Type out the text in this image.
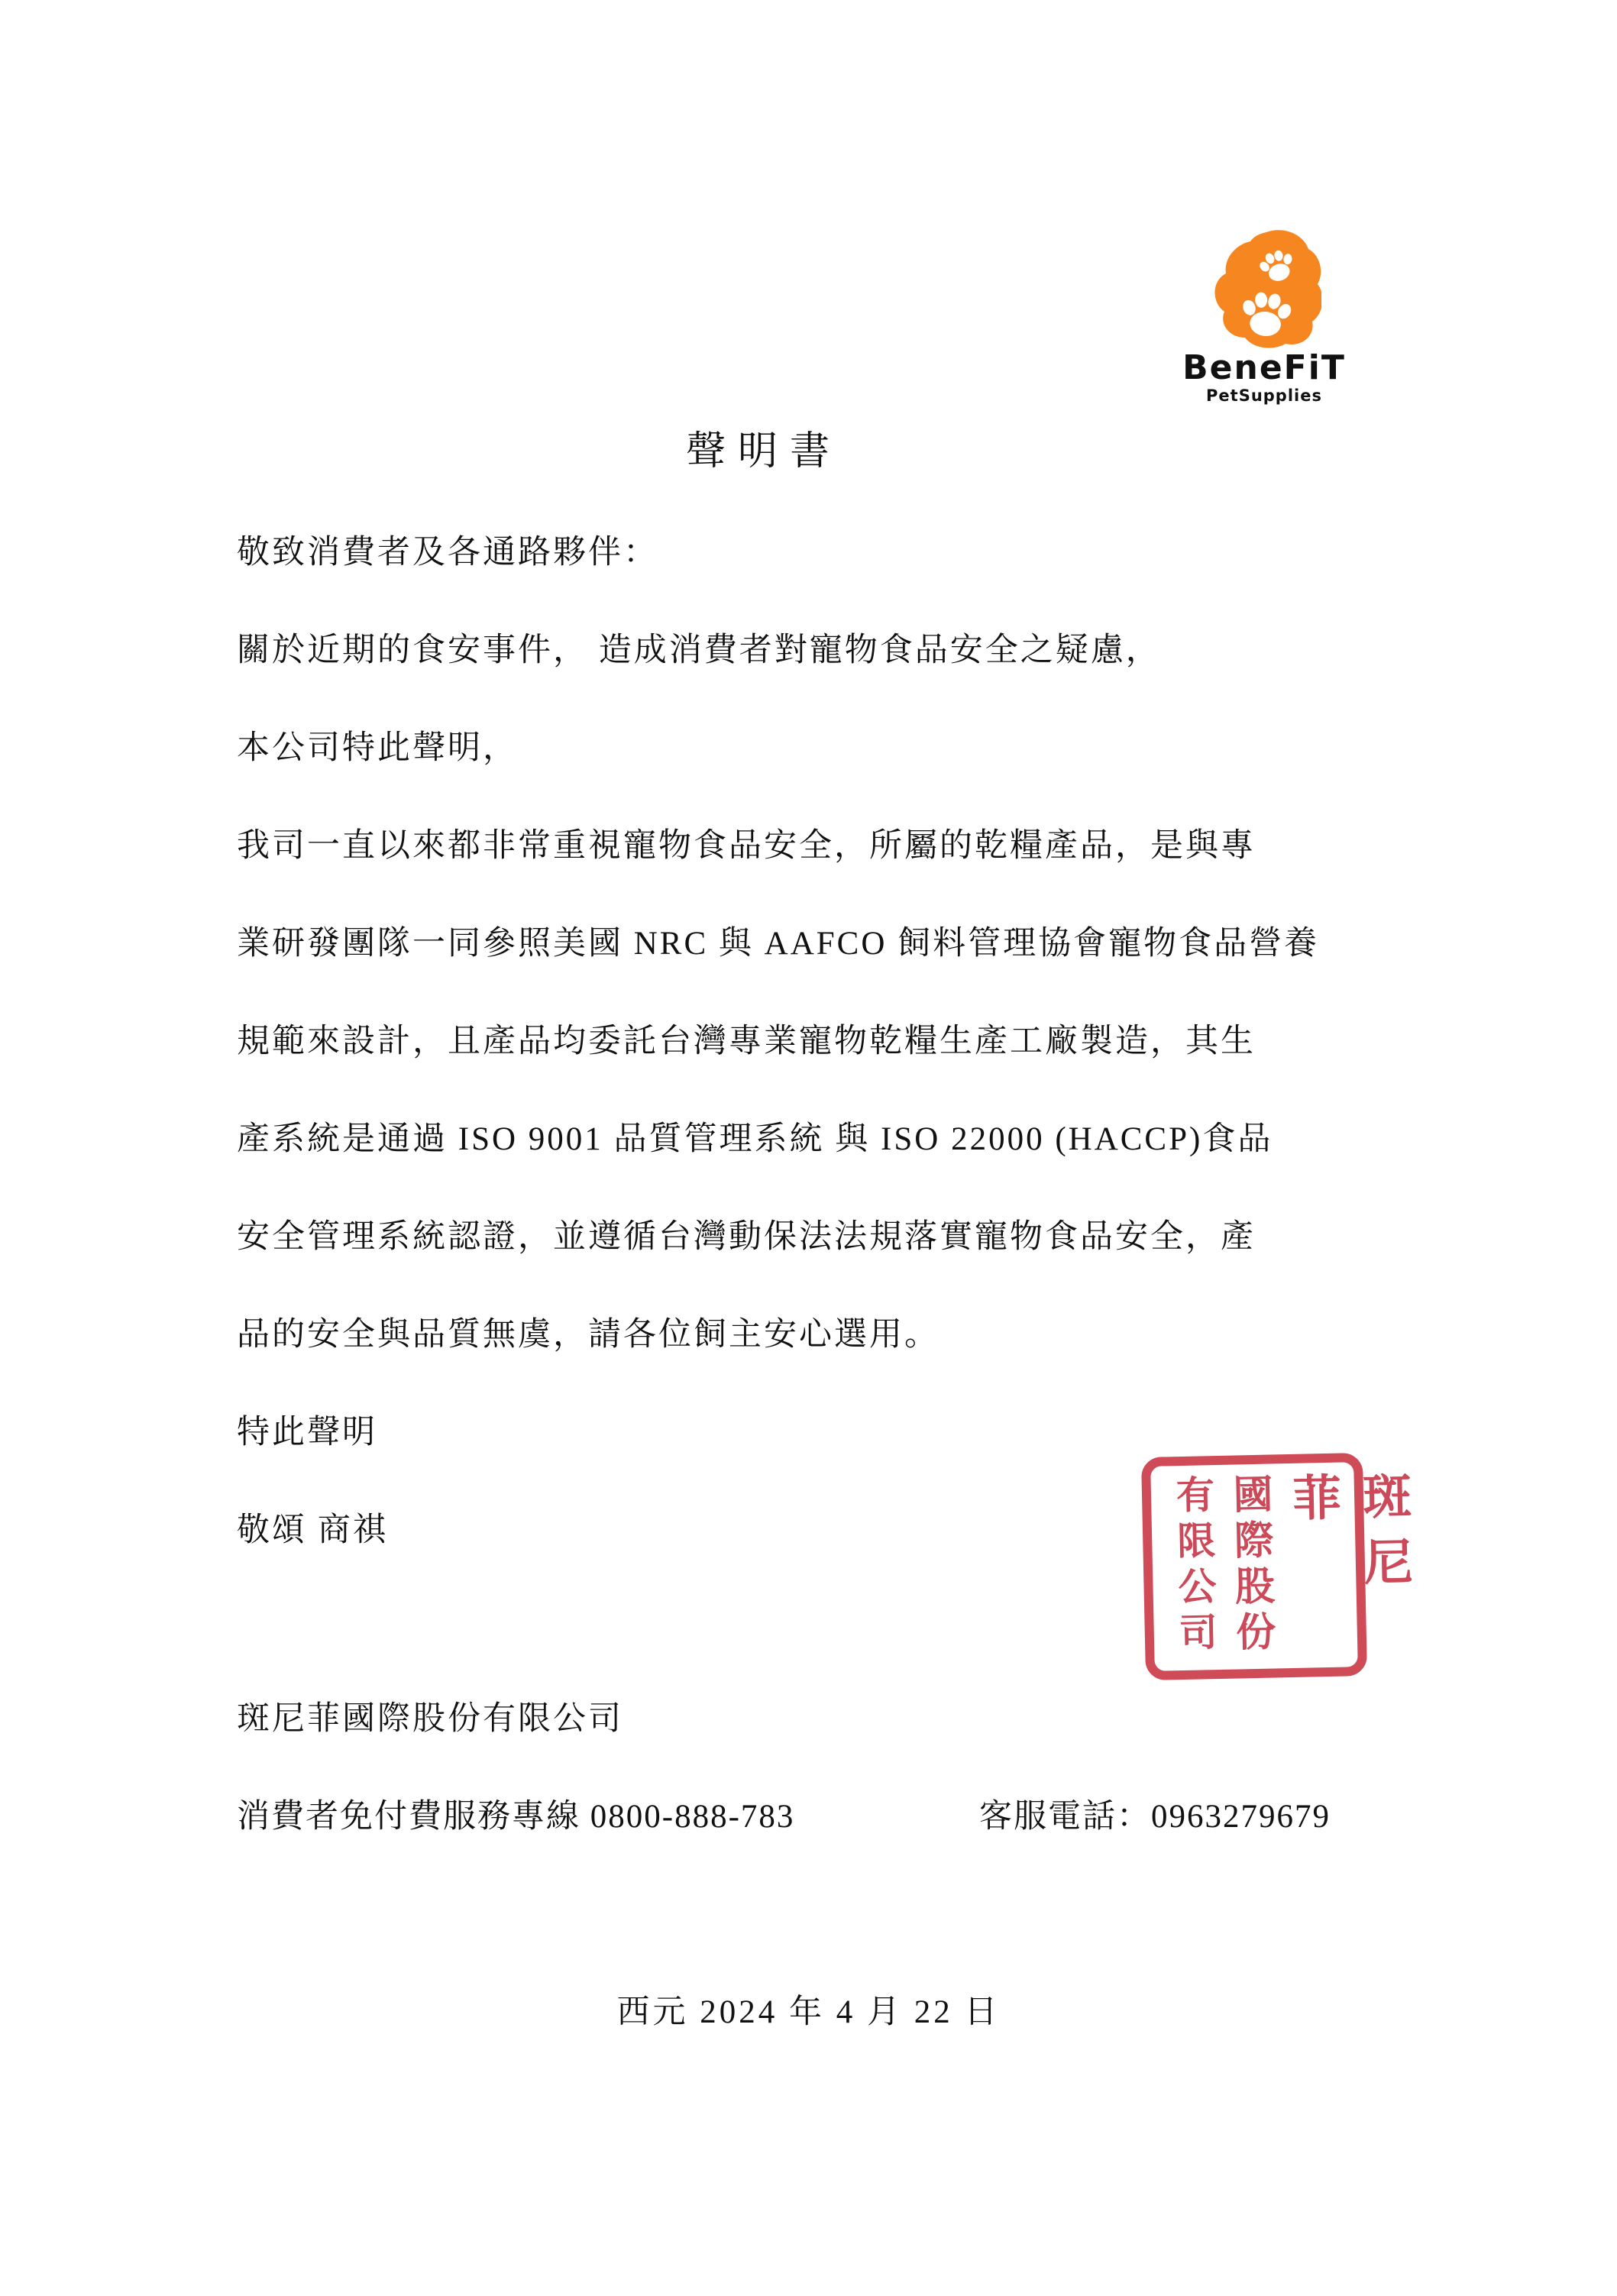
BeneFiT
PetSupplies
聲明書
敬致消費者及各通路夥伴：
關於近期的食安事件， 造成消費者對寵物食品安全之疑慮，
本公司特此聲明，
我司一直以來都非常重視寵物食品安全，所屬的乾糧產品，是與專
業研發團隊一同參照美國 NRC 與 AAFCO 飼料管理協會寵物食品營養
規範來設計，且產品均委託台灣專業寵物乾糧生產工廠製造，其生
產系統是通過 ISO 9001 品質管理系統 與 ISO 22000 (HACCP)食品
安全管理系統認證，並遵循台灣動保法法規落實寵物食品安全，產
品的安全與品質無虞，請各位飼主安心選用。
特此聲明
敬頌 商祺	有限公司 國際股份	斑尼菲
斑尼菲國際股份有限公司
消費者免付費服務專線 0800-888-783	客服電話：0963279679
西元 2024 年 4 月 22 日
